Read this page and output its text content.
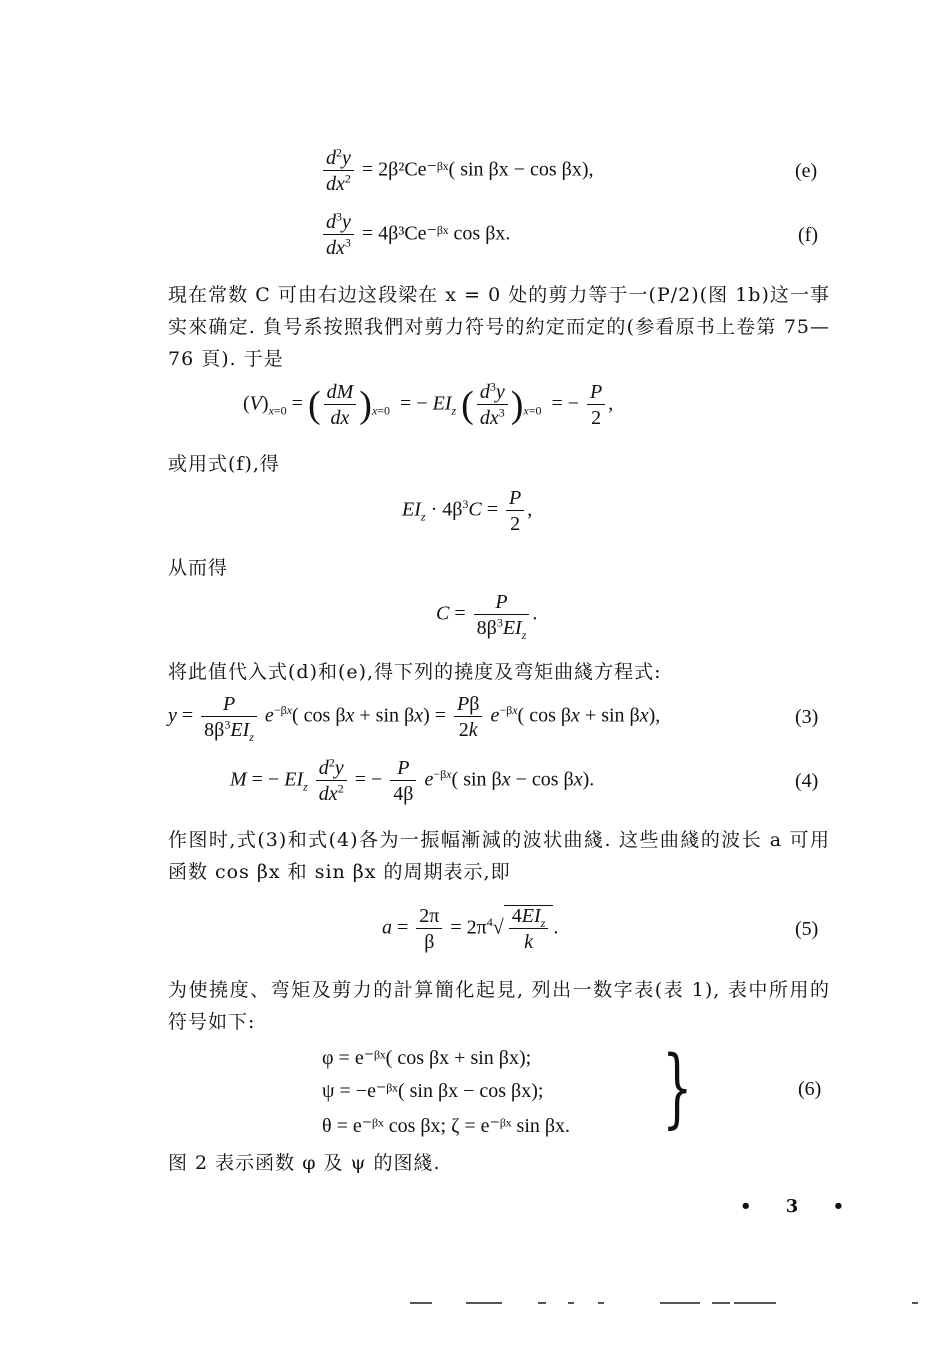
$\frac{d^2y}{dx^2}$ = 2β²Ce⁻ᵝˣ( sin βx − cos βx),	(e)
$\frac{d^3y}{dx^3}$ = 4β³Ce⁻ᵝˣ cos βx.	(f)
現在常数 C 可由右边这段梁在 x = 0 处的剪力等于一(P/2)(图 1b)这一事实來确定. 負号系按照我們对剪力符号的約定而定的(参看原书上卷第 75—76 頁). 于是
$(V)_{x=0}$ = ( $\frac{dM}{dx} )_{x=0}$  = − $EI_z$ ( $\frac{d^3y}{dx^3} )_{x=0}$  = − $\frac{P}{2}$ ,
或用式(f),得
$EI_z \cdot 4\beta^3C = \frac{P}{2}$ ,
从而得
$C = \frac{P}{8\beta^3EI_z}$ .
将此值代入式(d)和(e),得下列的撓度及弯矩曲綫方程式:
$y = \frac{P}{8\beta^3EI_z} e^{-\beta x}$( $\cos \beta x + \sin \beta x) = \frac{P\beta}{2k} e^{-\beta x}$( cos βx + sin βx),	(3)
M = − $EI_z \frac{d^2y}{dx^2}$ = − $\frac{P}{4\beta} e^{-\beta x}$( sin βx − cos βx).	(4)
作图时,式(3)和式(4)各为一振幅漸減的波状曲綫. 这些曲綫的波长 a 可用函数 cos βx 和 sin βx 的周期表示,即
$a = \frac{2\pi}{\beta} = 2\pi^4√ \frac{4EI_z}{k}$ .	(5)
为使撓度、弯矩及剪力的計算簡化起見, 列出一数字表(表 1), 表中所用的符号如下:
φ = e⁻ᵝˣ( cos βx + sin βx);
ψ = −e⁻ᵝˣ( sin βx − cos βx);
θ = e⁻ᵝˣ cos βx; ζ = e⁻ᵝˣ sin βx. }	(6)
图 2 表示函数 φ 及 ψ 的图綫.
• 3 •
